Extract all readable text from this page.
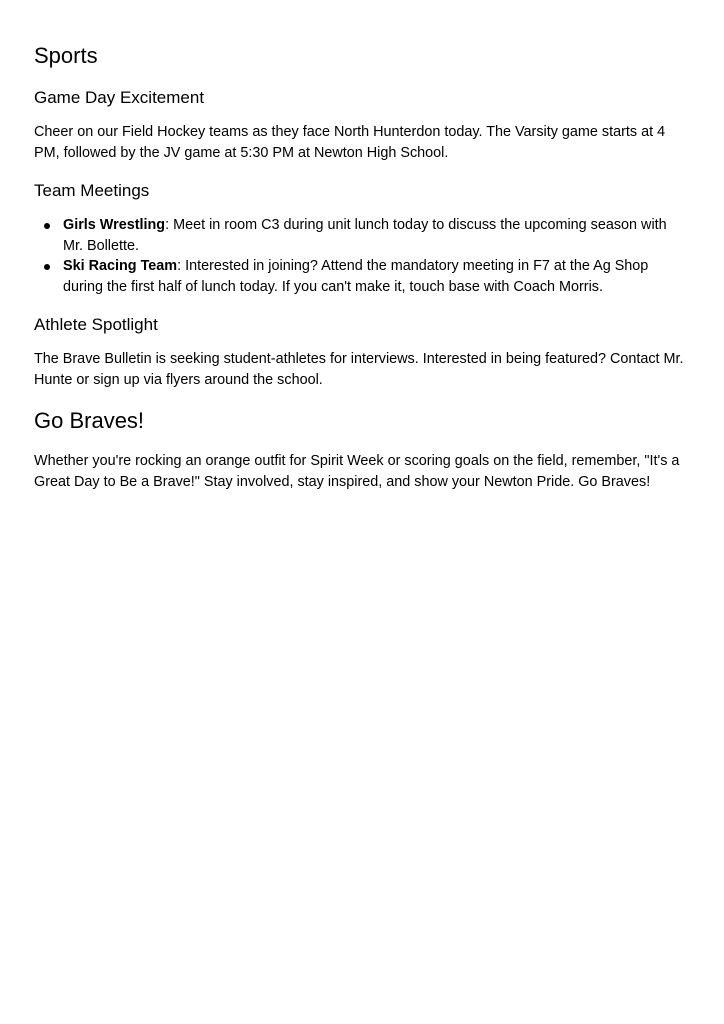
Sports
Game Day Excitement

Cheer on our Field Hockey teams as they face North Hunterdon today. The Varsity game starts at 4 PM, followed by the JV game at 5:30 PM at Newton High School.

Team Meetings
Girls Wrestling: Meet in room C3 during unit lunch today to discuss the upcoming season with Mr. Bollette.
Ski Racing Team: Interested in joining? Attend the mandatory meeting in F7 at the Ag Shop during the first half of lunch today. If you can't make it, touch base with Coach Morris.
Athlete Spotlight

The Brave Bulletin is seeking student-athletes for interviews. Interested in being featured? Contact Mr. Hunte or sign up via flyers around the school.

Go Braves!

Whether you're rocking an orange outfit for Spirit Week or scoring goals on the field, remember, "It's a Great Day to Be a Brave!" Stay involved, stay inspired, and show your Newton Pride. Go Braves!
